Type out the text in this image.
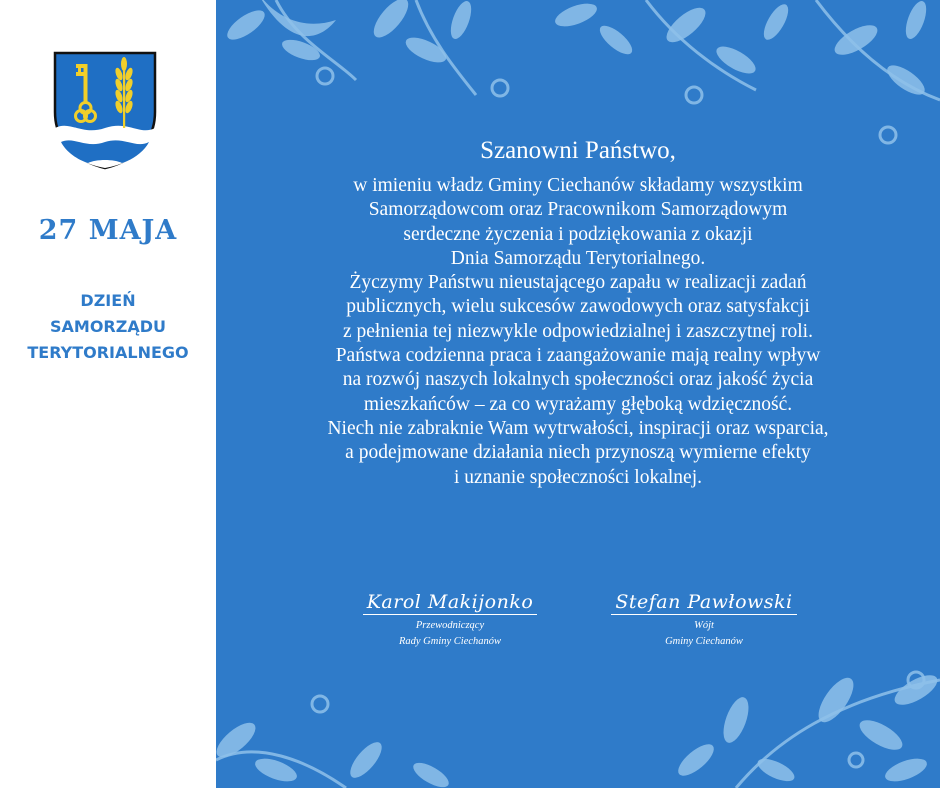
27 MAJA
DZIEŃ
SAMORZĄDU
TERYTORIALNEGO
Szanowni Państwo,
w imieniu władz Gminy Ciechanów składamy wszystkim
Samorządowcom oraz Pracownikom Samorządowym
serdeczne życzenia i podziękowania z okazji
Dnia Samorządu Terytorialnego.
Życzymy Państwu nieustającego zapału w realizacji zadań
publicznych, wielu sukcesów zawodowych oraz satysfakcji
z pełnienia tej niezwykle odpowiedzialnej i zaszczytnej roli.
Państwa codzienna praca i zaangażowanie mają realny wpływ
na rozwój naszych lokalnych społeczności oraz jakość życia
mieszkańców – za co wyrażamy głęboką wdzięczność.
Niech nie zabraknie Wam wytrwałości, inspiracji oraz wsparcia,
a podejmowane działania niech przynoszą wymierne efekty
i uznanie społeczności lokalnej.
Karol Makijonko
Przewodniczący
Rady Gminy Ciechanów
Stefan Pawłowski
Wójt
Gminy Ciechanów
